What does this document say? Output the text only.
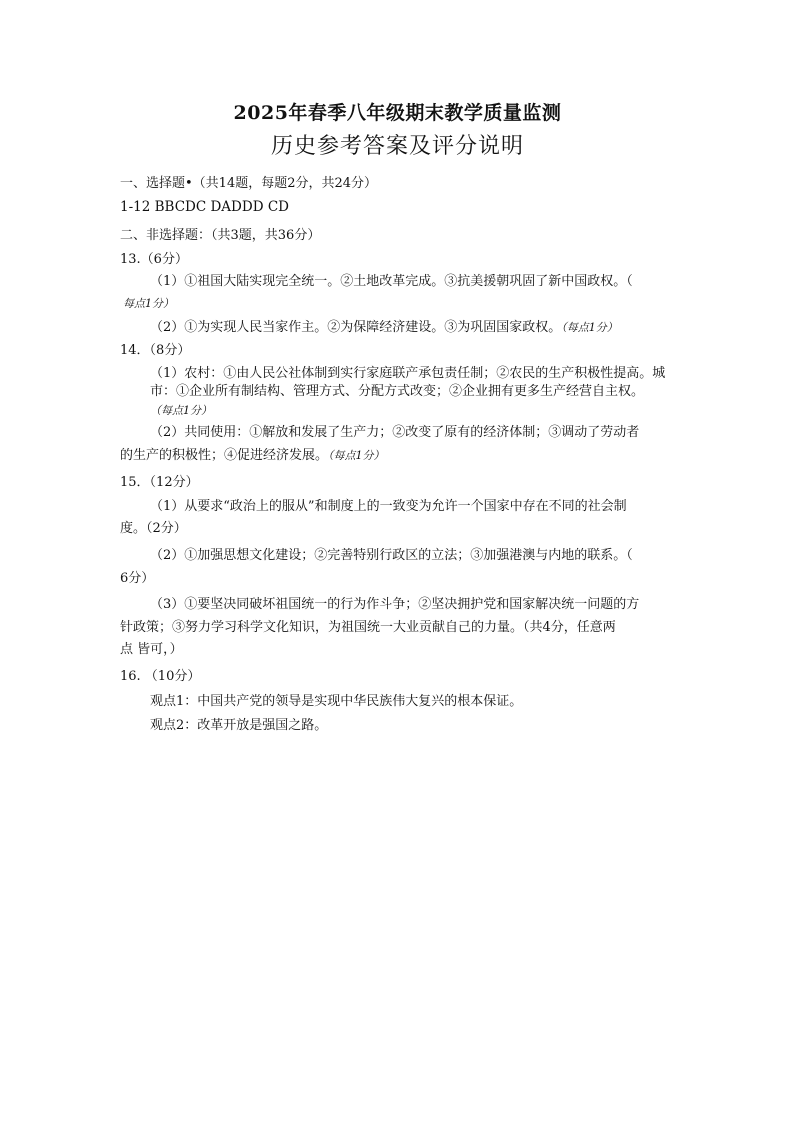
2025年春季八年级期末教学质量监测
历史参考答案及评分说明
一、选择题•（共14题，每题2分，共24分）
1-12 BBCDC DADDD CD
二、非选择题：（共3题，共36分）
13.（6分）
（1）①祖国大陆实现完全统一。②土地改革完成。③抗美援朝巩固了新中国政权。（
每点1分）
（2）①为实现人民当家作主。②为保障经济建设。③为巩固国家政权。（每点1分）
14．（8分）
（1）农村：①由人民公社体制到实行家庭联产承包责任制；②农民的生产积极性提高。城
市：①企业所有制结构、管理方式、分配方式改变；②企业拥有更多生产经营自主权。
（每点1分）
（2）共同使用：①解放和发展了生产力；②改变了原有的经济体制；③调动了劳动者
的生产的积极性；④促进经济发展。（每点1分）
15．（12分）
（1）从要求“政治上的服从”和制度上的一致变为允许一个国家中存在不同的社会制
度。（2分）
（2）①加强思想文化建设；②完善特别行政区的立法；③加强港澳与内地的联系。（
6分）
（3）①要坚决同破坏祖国统一的行为作斗争；②坚决拥护党和国家解决统一问题的方
针政策；③努力学习科学文化知识，为祖国统一大业贡献自己的力量。（共4分，任意两
点 皆可，）
16. （10分）
观点1：中国共产党的领导是实现中华民族伟大复兴的根本保证。
观点2：改革开放是强国之路。
